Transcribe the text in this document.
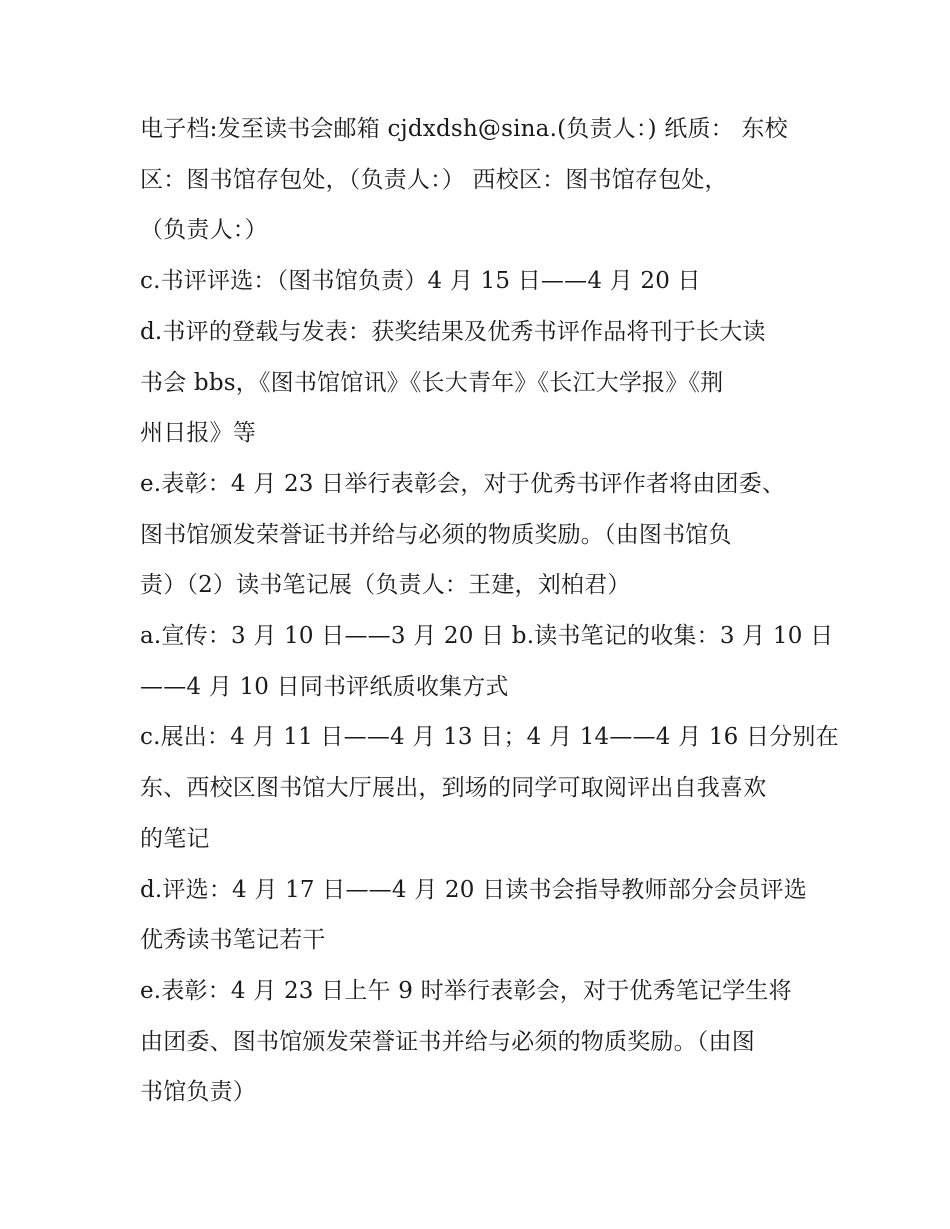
电子档:发至读书会邮箱 cjdxdsh@sina.(负责人：) 纸质： 东校
区：图书馆存包处，（负责人：） 西校区：图书馆存包处，
（负责人：）
c.书评评选：（图书馆负责）4 月 15 日——4 月 20 日
d.书评的登载与发表：获奖结果及优秀书评作品将刊于长大读
书会 bbs，《图书馆馆讯》《长大青年》《长江大学报》《荆
州日报》等
e.表彰：4 月 23 日举行表彰会，对于优秀书评作者将由团委、
图书馆颁发荣誉证书并给与必须的物质奖励。（由图书馆负
责）（2）读书笔记展（负责人：王建，刘柏君）
a.宣传：3 月 10 日——3 月 20 日 b.读书笔记的收集：3 月 10 日
——4 月 10 日同书评纸质收集方式
c.展出：4 月 11 日——4 月 13 日；4 月 14——4 月 16 日分别在
东、西校区图书馆大厅展出，到场的同学可取阅评出自我喜欢
的笔记
d.评选：4 月 17 日——4 月 20 日读书会指导教师部分会员评选
优秀读书笔记若干
e.表彰：4 月 23 日上午 9 时举行表彰会，对于优秀笔记学生将
由团委、图书馆颁发荣誉证书并给与必须的物质奖励。（由图
书馆负责）
